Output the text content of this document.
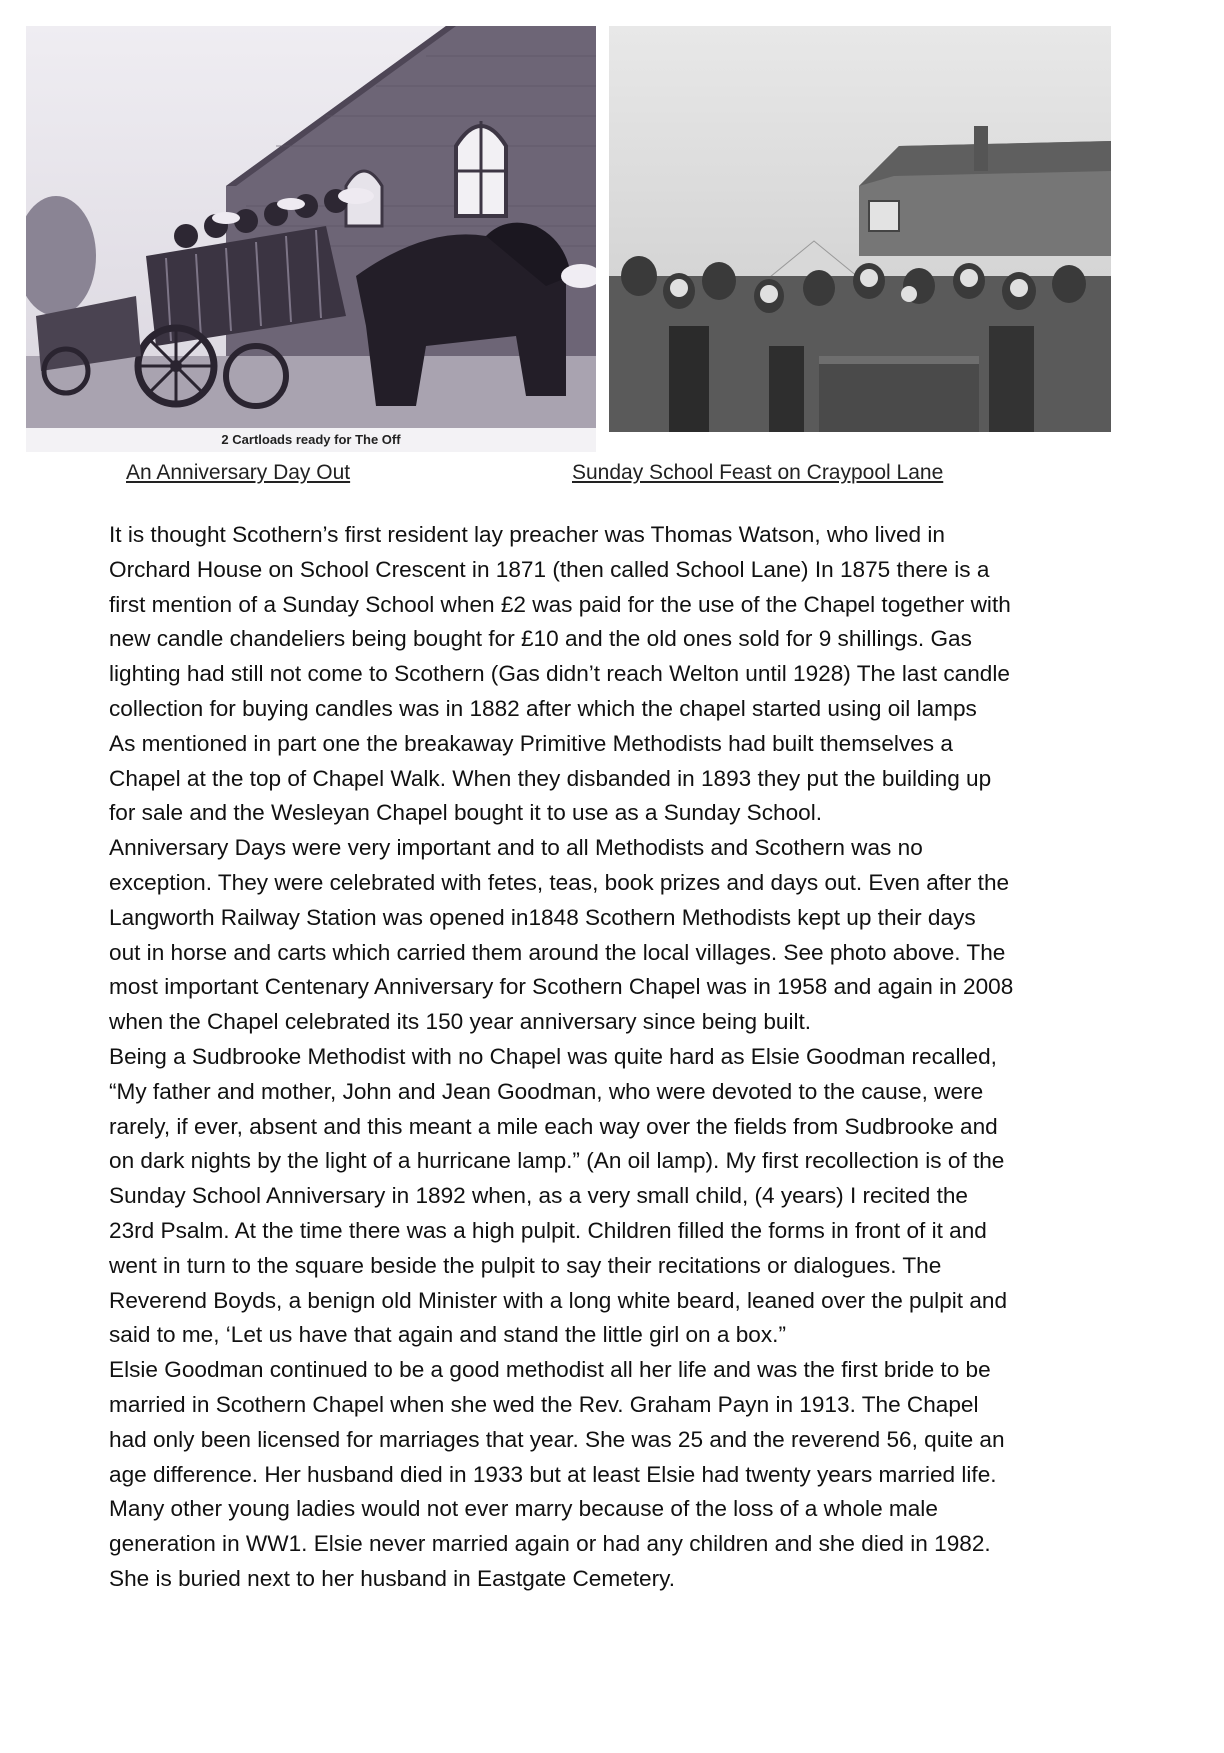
2 Cartloads ready for The Off
An Anniversary Day Out	Sunday School Feast on Craypool Lane

It is thought Scothern’s first resident lay preacher was Thomas Watson, who lived in
Orchard House on School Crescent in 1871 (then called School Lane) In 1875 there is a
first mention of a Sunday School when £2 was paid for the use of the Chapel together with
new candle chandeliers being bought for £10 and the old ones sold for 9 shillings. Gas
lighting had still not come to Scothern (Gas didn’t reach Welton until 1928) The last candle
collection for buying candles was in 1882 after which the chapel started using oil lamps

As mentioned in part one the breakaway Primitive Methodists had built themselves a
Chapel at the top of Chapel Walk. When they disbanded in 1893 they put the building up
for sale and the Wesleyan Chapel bought it to use as a Sunday School.

Anniversary Days were very important and to all Methodists and Scothern was no
exception. They were celebrated with fetes, teas, book prizes and days out. Even after the
Langworth Railway Station was opened in1848 Scothern Methodists kept up their days
out in horse and carts which carried them around the local villages. See photo above. The
most important Centenary Anniversary for Scothern Chapel was in 1958 and again in 2008
when the Chapel celebrated its 150 year anniversary since being built.

Being a Sudbrooke Methodist with no Chapel was quite hard as Elsie Goodman recalled,
“My father and mother, John and Jean Goodman, who were devoted to the cause, were
rarely, if ever, absent and this meant a mile each way over the fields from Sudbrooke and
on dark nights by the light of a hurricane lamp.” (An oil lamp). My first recollection is of the
Sunday School Anniversary in 1892 when, as a very small child, (4 years) I recited the
23rd Psalm. At the time there was a high pulpit. Children filled the forms in front of it and
went in turn to the square beside the pulpit to say their recitations or dialogues. The
Reverend Boyds, a benign old Minister with a long white beard, leaned over the pulpit and
said to me, ‘Let us have that again and stand the little girl on a box.”

Elsie Goodman continued to be a good methodist all her life and was the first bride to be
married in Scothern Chapel when she wed the Rev. Graham Payn in 1913. The Chapel
had only been licensed for marriages that year. She was 25 and the reverend 56, quite an
age difference. Her husband died in 1933 but at least Elsie had twenty years married life.
Many other young ladies would not ever marry because of the loss of a whole male
generation in WW1. Elsie never married again or had any children and she died in 1982.
She is buried next to her husband in Eastgate Cemetery.
